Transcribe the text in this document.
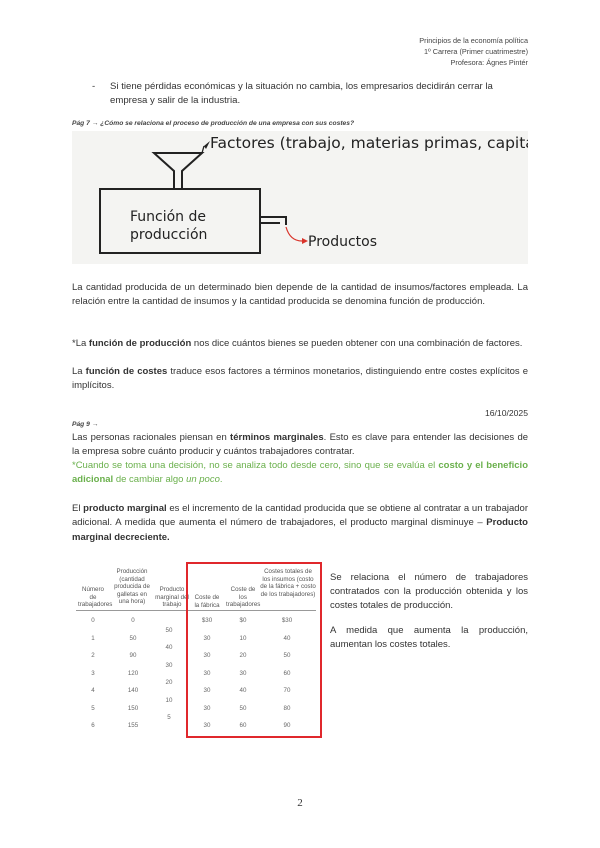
Principios de la economía política
1º Carrera (Primer cuatrimestre)
Profesora: Ágnes Pintér
- Si tiene pérdidas económicas y la situación no cambia, los empresarios decidirán cerrar la empresa y salir de la industria.
Pág 7 → ¿Cómo se relaciona el proceso de producción de una empresa con sus costes?
Factores (trabajo, materias primas, capital)
Función de
producción	Productos
La cantidad producida de un determinado bien depende de la cantidad de insumos/factores empleada. La relación entre la cantidad de insumos y la cantidad producida se denomina función de producción.
*La función de producción nos dice cuántos bienes se pueden obtener con una combinación de factores.
La función de costes traduce esos factores a términos monetarios, distinguiendo entre costes explícitos e implícitos.
16/10/2025
Pág 9 →
Las personas racionales piensan en términos marginales. Esto es clave para entender las decisiones de la empresa sobre cuánto producir y cuántos trabajadores contratar.
*Cuando se toma una decisión, no se analiza todo desde cero, sino que se evalúa el costo y el beneficio adicional de cambiar algo un poco.
El producto marginal es el incremento de la cantidad producida que se obtiene al contratar a un trabajador adicional. A medida que aumenta el número de trabajadores, el producto marginal disminuye – Producto marginal decreciente.
Número de trabajadores
Producción (cantidad producida de galletas en una hora)
Producto marginal del trabajo
Coste de la fábrica
Coste de los trabajadores
Costes totales de los insumos (costo de la fábrica + costo de los trabajadores)
0
1
2
3
4
5
6
0
50
90
120
140
150
155
$30
30
30
30
30
30
30
$0
10
20
30
40
50
60
$30
40
50
60
70
80
90
50
40
30
20
10
5
Se relaciona el número de trabajadores contratados con la producción obtenida y los costes totales de producción.
A medida que aumenta la producción, aumentan los costes totales.
2
